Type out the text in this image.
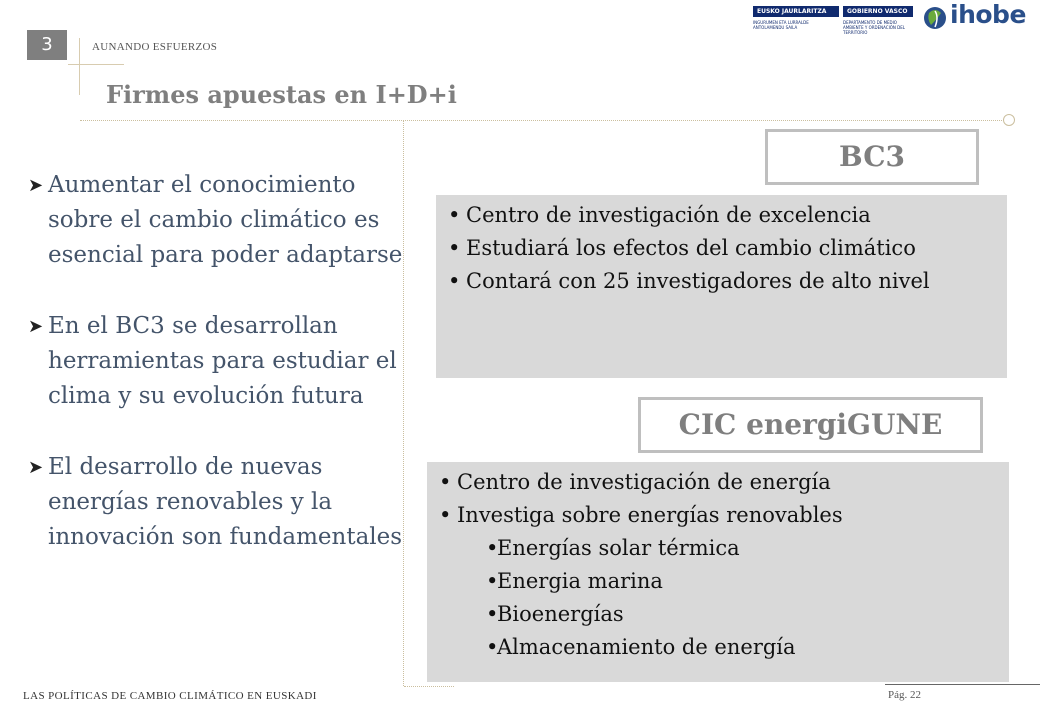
3	AUNANDO ESFUERZOS
Firmes apuestas en I+D+i
EUSKO JAURLARITZA	GOBIERNO VASCO
INGURUMEN ETA LURRALDE ANTOLAMENDU SAILA
DEPARTAMENTO DE MEDIO AMBIENTE Y ORDENACIÓN DEL TERRITORIO
ihobe
➤ Aumentar el conocimiento sobre el cambio climático es esencial para poder adaptarse
➤ En el BC3 se desarrollan herramientas para estudiar el clima y su evolución futura
➤ El desarrollo de nuevas energías renovables y la innovación son fundamentales
BC3
• Centro de investigación de excelencia
• Estudiará los efectos del cambio climático
• Contará con 25 investigadores de alto nivel
CIC energiGUNE
• Centro de investigación de energía
• Investiga sobre energías renovables
• Energías solar térmica
• Energia marina
• Bioenergías
• Almacenamiento de energía
LAS POLÍTICAS DE CAMBIO CLIMÁTICO EN EUSKADI	Pág. 22
